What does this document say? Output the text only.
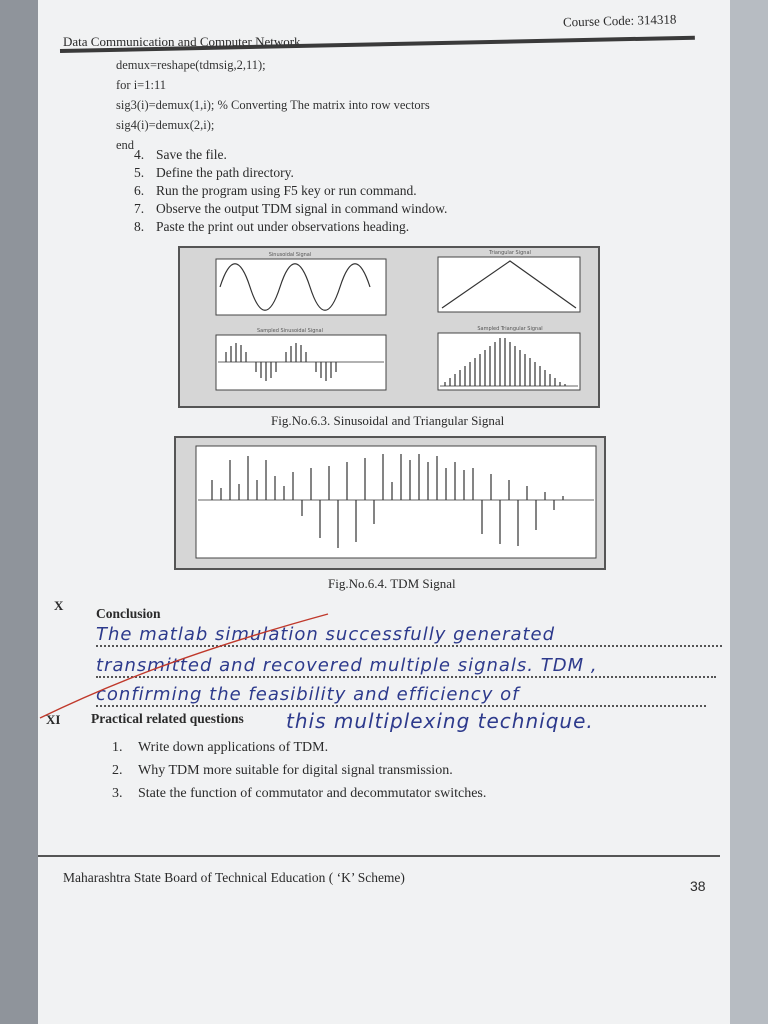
Data Communication and Computer Network
Course Code: 314318
demux=reshape(tdmsig,2,11);
for i=1:11
sig3(i)=demux(1,i); % Converting The matrix into row vectors
sig4(i)=demux(2,i);
end
4. Save the file.
5. Define the path directory.
6. Run the program using F5 key or run command.
7. Observe the output TDM signal in command window.
8. Paste the print out under observations heading.
Sinusoidal Signal	Triangular Signal
Sampled Sinusoidal Signal	Sampled Triangular Signal
Fig.No.6.3. Sinusoidal and Triangular Signal
Fig.No.6.4. TDM Signal
X
Conclusion
The matlab simulation successfully generated
transmitted and recovered multiple signals. TDM ,
confirming the feasibility and efficiency of
XI Practical related questions this multiplexing technique.
1. Write down applications of TDM.
2. Why TDM more suitable for digital signal transmission.
3. State the function of commutator and decommutator switches.
Maharashtra State Board of Technical Education ( ‘K’ Scheme)
38
